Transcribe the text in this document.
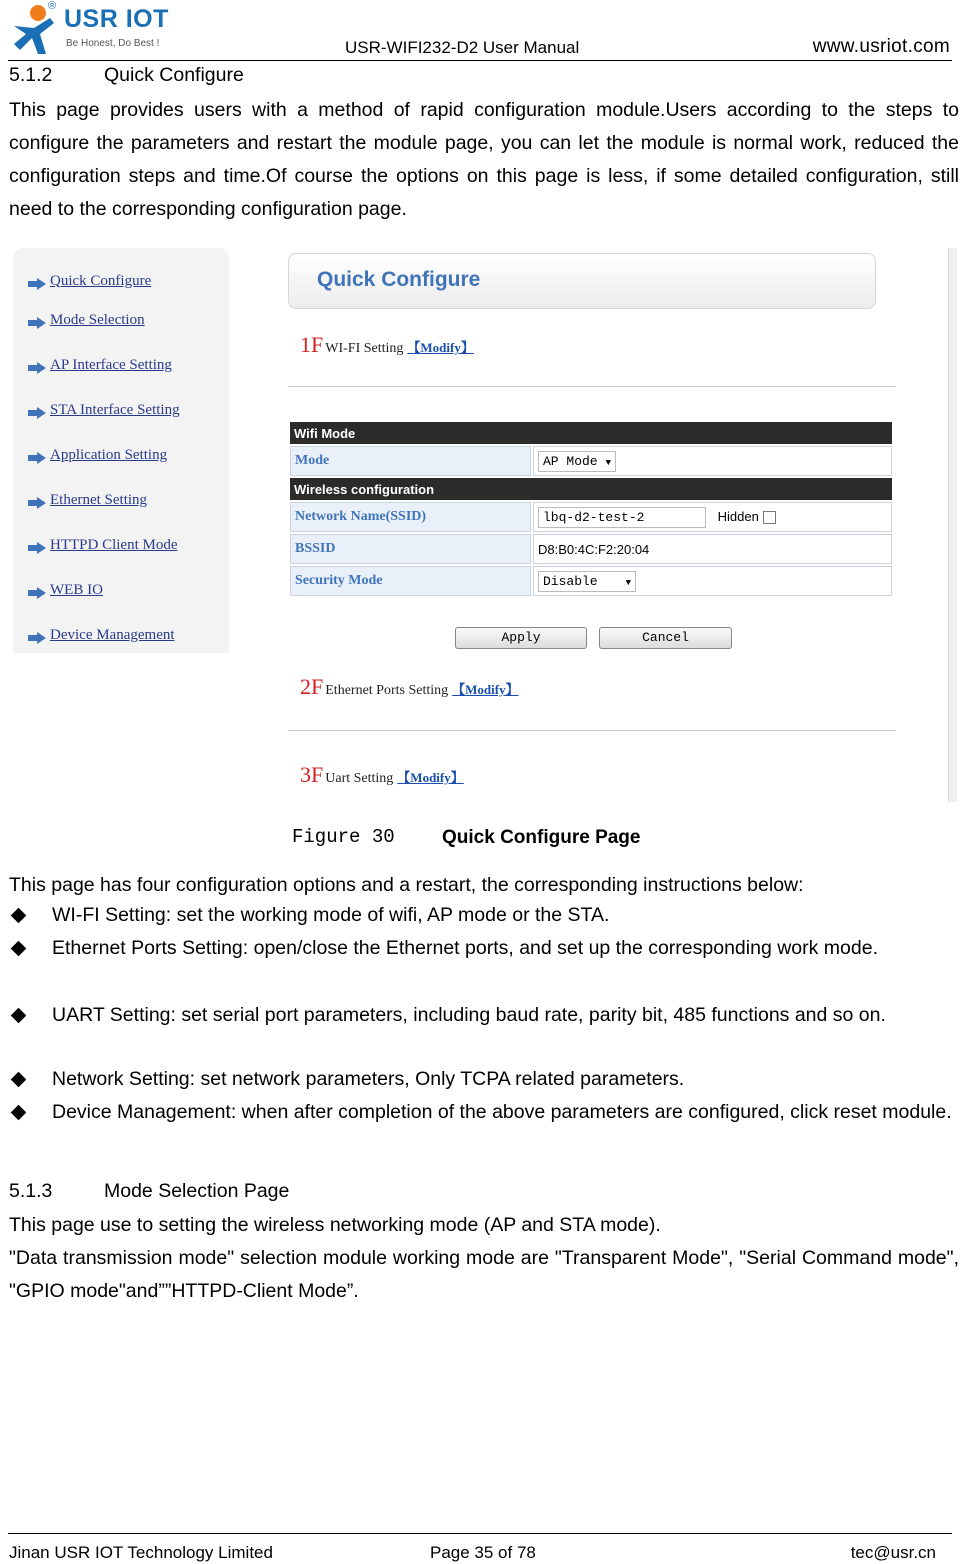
® USR IOT
Be Honest, Do Best !	USR-WIFI232-D2 User Manual	www.usriot.com
5.1.2	Quick Configure
This page provides users with a method of rapid configuration module.Users according to the steps to configure the parameters and restart the module page, you can let the module is normal work, reduced the configuration steps and time.Of course the options on this page is less, if some detailed configuration, still need to the corresponding configuration page.
Quick Configure
Mode Selection
AP Interface Setting
STA Interface Setting
Application Setting
Ethernet Setting
HTTPD Client Mode
WEB IO
Device Management
Quick Configure
1F WI-FI Setting 【Modify】
Wifi Mode	
Mode	AP Mode ▼
Wireless configuration	
Network Name(SSID)	lbq-d2-test-2 Hidden
BSSID	D8:B0:4C:F2:20:04
Security Mode	Disable ▼
Apply	Cancel
2F Ethernet Ports Setting 【Modify】
3F Uart Setting 【Modify】
Figure 30 Quick Configure Page
This page has four configuration options and a restart, the corresponding instructions below:
WI-FI Setting: set the working mode of wifi, AP mode or the STA.
Ethernet Ports Setting: open/close the Ethernet ports, and set up the corresponding work mode.
UART Setting: set serial port parameters, including baud rate, parity bit, 485 functions and so on.
Network Setting: set network parameters, Only TCPA related parameters.
Device Management: when after completion of the above parameters are configured, click reset module.
5.1.3	Mode Selection Page
This page use to setting the wireless networking mode (AP and STA mode).
"Data transmission mode" selection module working mode are "Transparent Mode", "Serial Command mode", "GPIO mode"and””HTTPD-Client Mode”.
Jinan USR IOT Technology Limited	Page 35 of 78	tec@usr.cn
